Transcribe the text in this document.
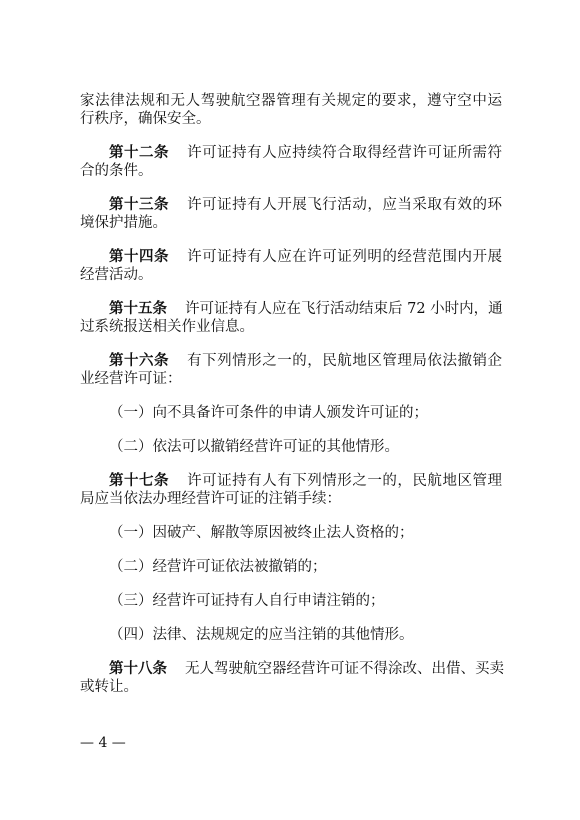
家法律法规和无人驾驶航空器管理有关规定的要求，遵守空中运

行秩序，确保安全。

第十二条 许可证持有人应持续符合取得经营许可证所需符

合的条件。

第十三条 许可证持有人开展飞行活动，应当采取有效的环

境保护措施。

第十四条 许可证持有人应在许可证列明的经营范围内开展

经营活动。

第十五条 许可证持有人应在飞行活动结束后 72 小时内，通

过系统报送相关作业信息。

第十六条 有下列情形之一的，民航地区管理局依法撤销企

业经营许可证：

（一）向不具备许可条件的申请人颁发许可证的；

（二）依法可以撤销经营许可证的其他情形。

第十七条 许可证持有人有下列情形之一的，民航地区管理

局应当依法办理经营许可证的注销手续：

（一）因破产、解散等原因被终止法人资格的；

（二）经营许可证依法被撤销的；

（三）经营许可证持有人自行申请注销的；

（四）法律、法规规定的应当注销的其他情形。

第十八条 无人驾驶航空器经营许可证不得涂改、出借、买卖

或转让。

— 4 —
